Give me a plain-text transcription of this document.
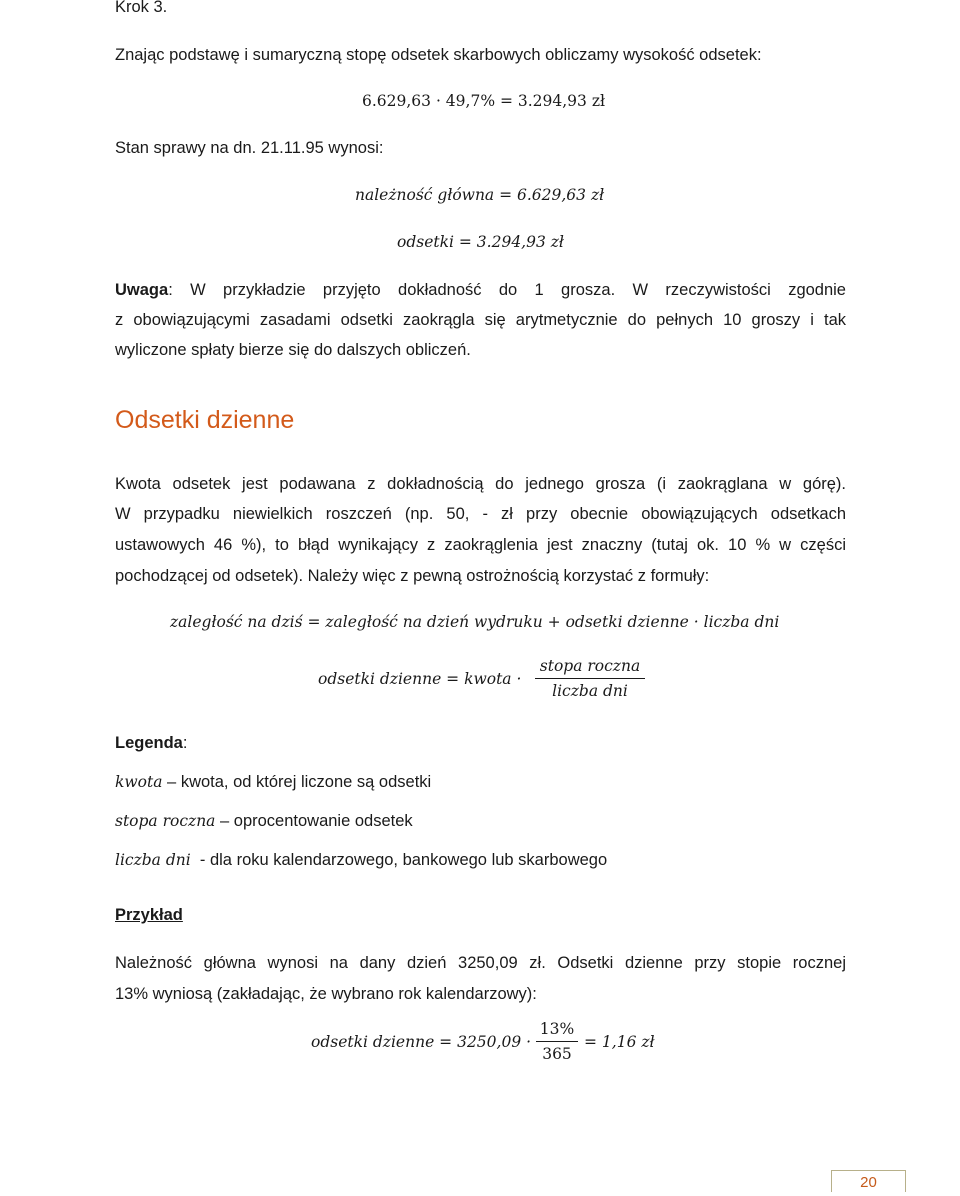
Krok 3.
Znając podstawę i sumaryczną stopę odsetek skarbowych obliczamy wysokość odsetek:
6.629,63 · 49,7% = 3.294,93 zł
Stan sprawy na dn. 21.11.95 wynosi:
należność główna = 6.629,63 zł
odsetki = 3.294,93 zł
Uwaga: W przykładzie przyjęto dokładność do 1 grosza. W rzeczywistości zgodnie
z obowiązującymi zasadami odsetki zaokrągla się arytmetycznie do pełnych 10 groszy i tak
wyliczone spłaty bierze się do dalszych obliczeń.
Odsetki dzienne
Kwota odsetek jest podawana z dokładnością do jednego grosza (i zaokrąglana w górę).
W przypadku niewielkich roszczeń (np. 50, - zł przy obecnie obowiązujących odsetkach
ustawowych 46 %), to błąd wynikający z zaokrąglenia jest znaczny (tutaj ok. 10 % w części
pochodzącej od odsetek). Należy więc z pewną ostrożnością korzystać z formuły:
zaległość na dziś = zaległość na dzień wydruku + odsetki dzienne · liczba dni
odsetki dzienne = kwota ·
stopa roczna
liczba dni
Legenda:
kwota – kwota, od której liczone są odsetki
stopa roczna – oprocentowanie odsetek
liczba dni  - dla roku kalendarzowego, bankowego lub skarbowego
Przykład
Należność główna wynosi na dany dzień 3250,09 zł. Odsetki dzienne przy stopie rocznej
13% wyniosą (zakładając, że wybrano rok kalendarzowy):
odsetki dzienne = 3250,09 ·
13%
365
= 1,16 zł
20
